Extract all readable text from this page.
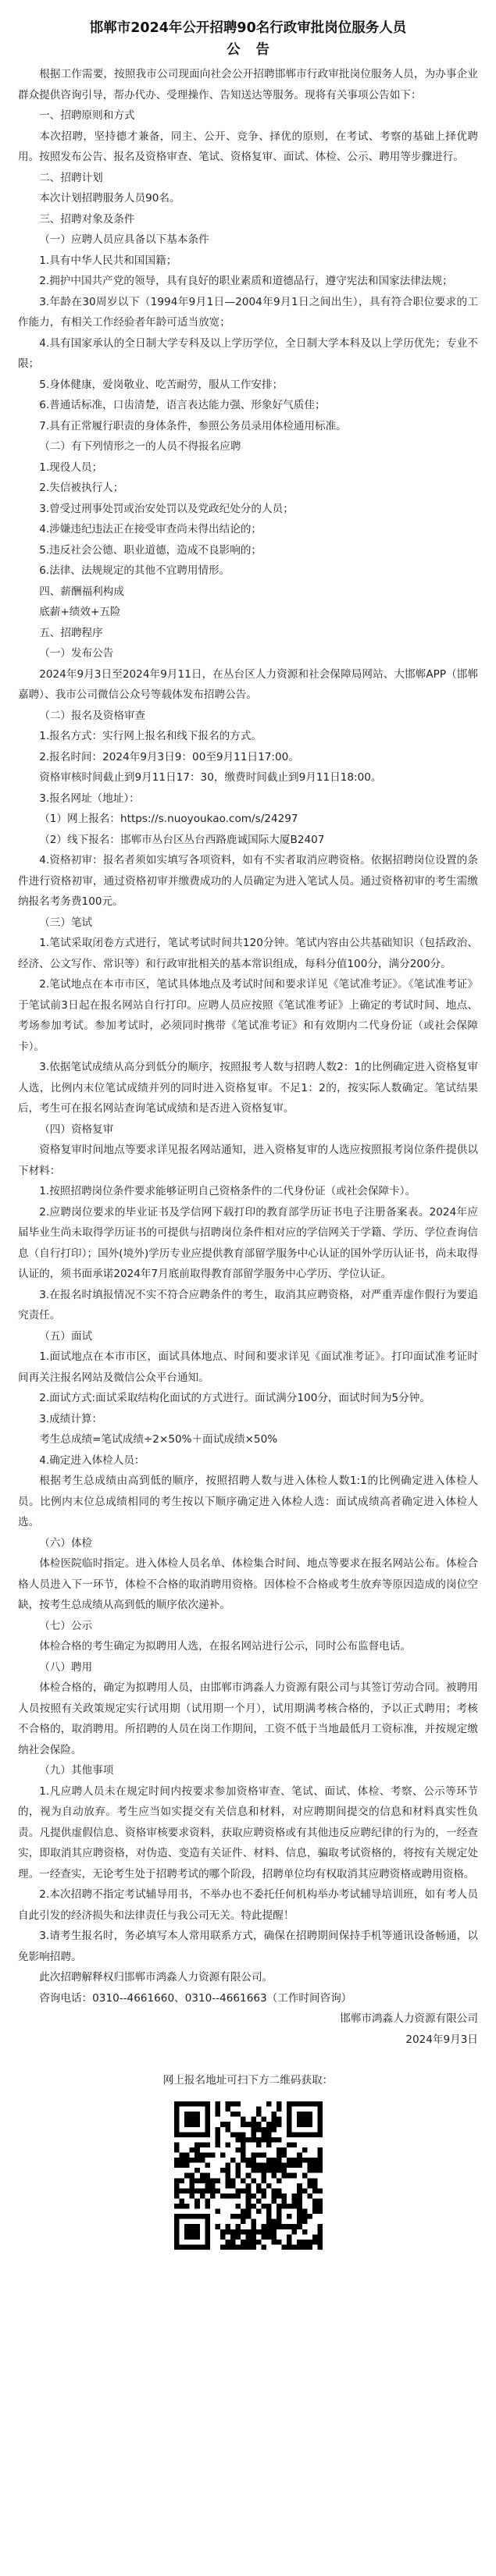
邯郸市2024年公开招聘90名行政审批岗位服务人员
公告

根据工作需要，按照我市公司现面向社会公开招聘邯郸市行政审批岗位服务人员，为办事企业群众提供咨询引导，帮办代办、受理操作、告知送达等服务。现将有关事项公告如下：

一、招聘原则和方式

本次招聘，坚持德才兼备，同主、公开、竞争、择优的原则，在考试、考察的基础上择优聘用。按照发布公告、报名及资格审查、笔试、资格复审、面试、体检、公示、聘用等步骤进行。

二、招聘计划

本次计划招聘服务人员90名。

三、招聘对象及条件

（一）应聘人员应具备以下基本条件

1.具有中华人民共和国国籍；

2.拥护中国共产党的领导，具有良好的职业素质和道德品行，遵守宪法和国家法律法规；

3.年龄在30周岁以下（1994年9月1日—2004年9月1日之间出生），具有符合职位要求的工作能力，有相关工作经验者年龄可适当放宽；

4.具有国家承认的全日制大学专科及以上学历学位，全日制大学本科及以上学历优先；专业不限；

5.身体健康，爱岗敬业、吃苦耐劳，服从工作安排；

6.普通话标准，口齿清楚，语言表达能力强、形象好气质佳；

7.具有正常履行职责的身体条件，参照公务员录用体检通用标准。

（二）有下列情形之一的人员不得报名应聘

1.现役人员；

2.失信被执行人；

3.曾受过刑事处罚或治安处罚以及党政纪处分的人员；

4.涉嫌违纪违法正在接受审查尚未得出结论的；

5.违反社会公德、职业道德，造成不良影响的；

6.法律、法规规定的其他不宜聘用情形。

四、薪酬福利构成

底薪+绩效+五险

五、招聘程序

（一）发布公告

2024年9月3日至2024年9月11日，在丛台区人力资源和社会保障局网站、大邯郸APP（邯郸嘉聘）、我市公司微信公众号等载体发布招聘公告。

（二）报名及资格审查

1.报名方式：实行网上报名和线下报名的方式。

2.报名时间：2024年9月3日9：00至9月11日17:00。

资格审核时间截止到9月11日17：30，缴费时间截止到9月11日18:00。

3.报名网址（地址）：

（1）网上报名：https://s.nuoyoukao.com/s/24297

（2）线下报名：邯郸市丛台区丛台西路鹿诚国际大厦B2407

4.资格初审：报名者须如实填写各项资料，如有不实者取消应聘资格。依据招聘岗位设置的条件进行资格初审，通过资格初审并缴费成功的人员确定为进入笔试人员。通过资格初审的考生需缴纳报名考务费100元。

（三）笔试

1.笔试采取闭卷方式进行，笔试考试时间共120分钟。笔试内容由公共基础知识（包括政治、经济、公文写作、常识等）和行政审批相关的基本常识组成，每科分值100分，满分200分。

2.笔试地点在本市市区，笔试具体地点及考试时间和要求详见《笔试准考证》。《笔试准考证》于笔试前3日起在报名网站自行打印。应聘人员应按照《笔试准考证》上确定的考试时间、地点、考场参加考试。参加考试时，必须同时携带《笔试准考证》和有效期内二代身份证（或社会保障卡）。

3.依据笔试成绩从高分到低分的顺序，按照报考人数与招聘人数2：1的比例确定进入资格复审人选，比例内末位笔试成绩并列的同时进入资格复审。不足1：2的，按实际人数确定。笔试结果后，考生可在报名网站查询笔试成绩和是否进入资格复审。

（四）资格复审

资格复审时间地点等要求详见报名网站通知，进入资格复审的人选应按照报考岗位条件提供以下材料：

1.按照招聘岗位条件要求能够证明自己资格条件的二代身份证（或社会保障卡）。

2.应聘岗位要求的毕业证书及学信网下载打印的教育部学历证书电子注册备案表。2024年应届毕业生尚未取得学历证书的可提供与招聘岗位条件相对应的学信网关于学籍、学历、学位查询信息（自行打印）；国外(境外)学历专业应提供教育部留学服务中心认证的国外学历认证书，尚未取得认证的，须书面承诺2024年7月底前取得教育部留学服务中心学历、学位认证。

3.在报名时填报情况不实不符合应聘条件的考生，取消其应聘资格，对严重弄虚作假行为要追究责任。

（五）面试

1.面试地点在本市市区，面试具体地点、时间和要求详见《面试准考证》。打印面试准考证时间再关注报名网站及微信公众平台通知。

2.面试方式:面试采取结构化面试的方式进行。面试满分100分，面试时间为5分钟。

3.成绩计算：

考生总成绩=笔试成绩÷2×50%＋面试成绩×50%

4.确定进入体检人员：

根据考生总成绩由高到低的顺序，按照招聘人数与进入体检人数1:1的比例确定进入体检人员。比例内末位总成绩相同的考生按以下顺序确定进入体检人选：面试成绩高者确定进入体检人选。

（六）体检

体检医院临时指定。进入体检人员名单、体检集合时间、地点等要求在报名网站公布。体检合格人员进入下一环节，体检不合格的取消聘用资格。因体检不合格或考生放弃等原因造成的岗位空缺，按考生总成绩从高到低的顺序依次递补。

（七）公示

体检合格的考生确定为拟聘用人选，在报名网站进行公示，同时公布监督电话。

（八）聘用

体检合格的，确定为拟聘用人员，由邯郸市鸿淼人力资源有限公司与其签订劳动合同。被聘用人员按照有关政策规定实行试用期（试用期一个月），试用期满考核合格的，予以正式聘用；考核不合格的，取消聘用。所招聘的人员在岗工作期间，工资不低于当地最低月工资标准，并按规定缴纳社会保险。

（九）其他事项

1.凡应聘人员未在规定时间内按要求参加资格审查、笔试、面试、体检、考察、公示等环节的，视为自动放弃。考生应当如实提交有关信息和材料，对应聘期间提交的信息和材料真实性负责。凡提供虚假信息、资格审核要求资料，获取应聘资格或有其他违反应聘纪律的行为的，一经查实，即取消其应聘资格，对伪造、变造有关证件、材料、信息，骗取考试资格的，将按有关规定处理。一经查实，无论考生处于招聘考试的哪个阶段，招聘单位均有权取消其应聘资格或聘用资格。

2.本次招聘不指定考试辅导用书，不举办也不委托任何机构举办考试辅导培训班，如有考人员自此引发的经济损失和法律责任与我公司无关。特此提醒！

3.请考生报名时，务必填写本人常用联系方式，确保在招聘期间保持手机等通讯设备畅通，以免影响招聘。

此次招聘解释权归邯郸市鸿淼人力资源有限公司。

咨询电话：0310--4661660、0310--4661663（工作时间咨询）

邯郸市鸿淼人力资源有限公司

2024年9月3日

网上报名地址可扫下方二维码获取：
